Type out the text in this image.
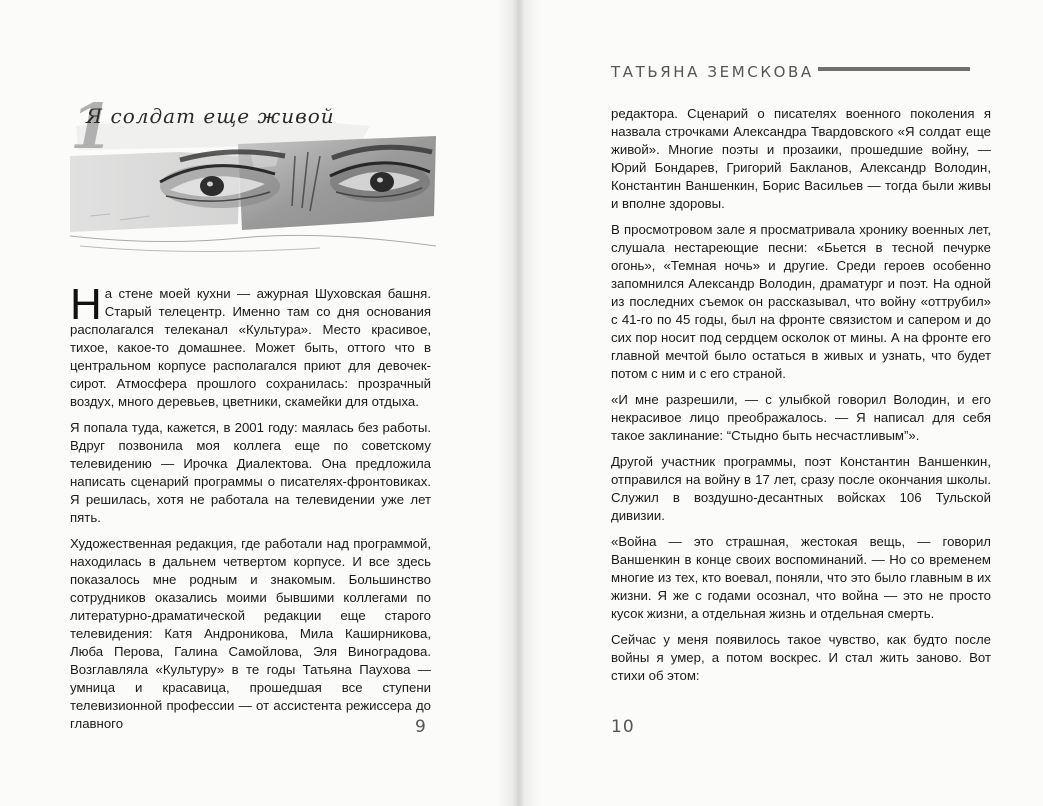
1
Я солдат еще живой

На стене моей кухни — ажурная Шуховская башня. Старый телецентр. Именно там со дня основания располагался телеканал «Культура». Место красивое, тихое, какое-то домашнее. Может быть, оттого что в центральном корпусе располагался приют для девочек-сирот. Атмосфера прошлого сохранилась: прозрачный воздух, много деревьев, цветники, скамейки для отдыха.

Я попала туда, кажется, в 2001 году: маялась без работы. Вдруг позвонила моя коллега еще по советскому телевидению — Ирочка Диалектова. Она предложила написать сценарий программы о писателях-фронтовиках. Я решилась, хотя не работала на телевидении уже лет пять.

Художественная редакция, где работали над программой, находилась в дальнем четвертом корпусе. И все здесь показалось мне родным и знакомым. Большинство сотрудников оказались моими бывшими коллегами по литературно-драматической редакции еще старого телевидения: Катя Андроникова, Мила Каширникова, Люба Перова, Галина Самойлова, Эля Виноградова. Возглавляла «Культуру» в те годы Татьяна Паухова — умница и красавица, прошедшая все ступени телевизионной профессии — от ассистента режиссера до главного	9
ТАТЬЯНА ЗЕМСКОВА

редактора. Сценарий о писателях военного поколения я назвала строчками Александра Твардовского «Я солдат еще живой». Многие поэты и прозаики, прошедшие войну, — Юрий Бондарев, Григорий Бакланов, Александр Володин, Константин Ваншенкин, Борис Васильев — тогда были живы и вполне здоровы.

В просмотровом зале я просматривала хронику военных лет, слушала нестареющие песни: «Бьется в тесной печурке огонь», «Темная ночь» и другие. Среди героев особенно запомнился Александр Володин, драматург и поэт. На одной из последних съемок он рассказывал, что войну «оттрубил» с 41-го по 45 годы, был на фронте связистом и сапером и до сих пор носит под сердцем осколок от мины. А на фронте его главной мечтой было остаться в живых и узнать, что будет потом с ним и с его страной.

«И мне разрешили, — с улыбкой говорил Володин, и его некрасивое лицо преображалось. — Я написал для себя такое заклинание: “Стыдно быть несчастливым”».

Другой участник программы, поэт Константин Ваншенкин, отправился на войну в 17 лет, сразу после окончания школы. Служил в воздушно-десантных войсках 106 Тульской дивизии.

«Война — это страшная, жестокая вещь, — говорил Ваншенкин в конце своих воспоминаний. — Но со временем многие из тех, кто воевал, поняли, что это было главным в их жизни. Я же с годами осознал, что война — это не просто кусок жизни, а отдельная жизнь и отдельная смерть.

Сейчас у меня появилось такое чувство, как будто после войны я умер, а потом воскрес. И стал жить заново. Вот стихи об этом:

10
